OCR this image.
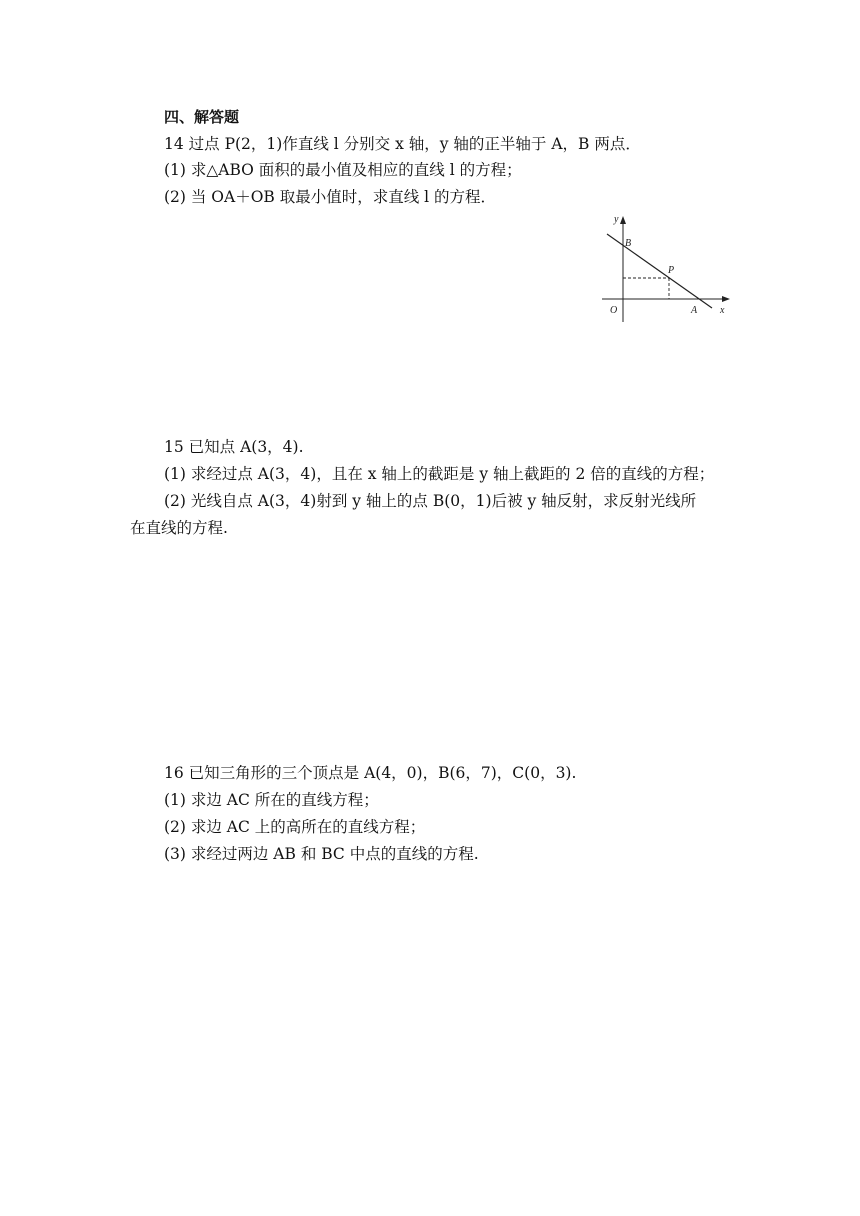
四、解答题
14 过点 P(2，1)作直线 l 分别交 x 轴，y 轴的正半轴于 A，B 两点．
(1) 求△ABO 面积的最小值及相应的直线 l 的方程；
(2) 当 OA＋OB 取最小值时，求直线 l 的方程．
y
x
B
P
O	A
15 已知点 A(3，4).
(1) 求经过点 A(3，4)，且在 x 轴上的截距是 y 轴上截距的 2 倍的直线的方程；
(2) 光线自点 A(3，4)射到 y 轴上的点 B(0，1)后被 y 轴反射，求反射光线所
在直线的方程.
16 已知三角形的三个顶点是 A(4，0)，B(6，7)，C(0，3).
(1) 求边 AC 所在的直线方程；
(2) 求边 AC 上的高所在的直线方程；
(3) 求经过两边 AB 和 BC 中点的直线的方程.
